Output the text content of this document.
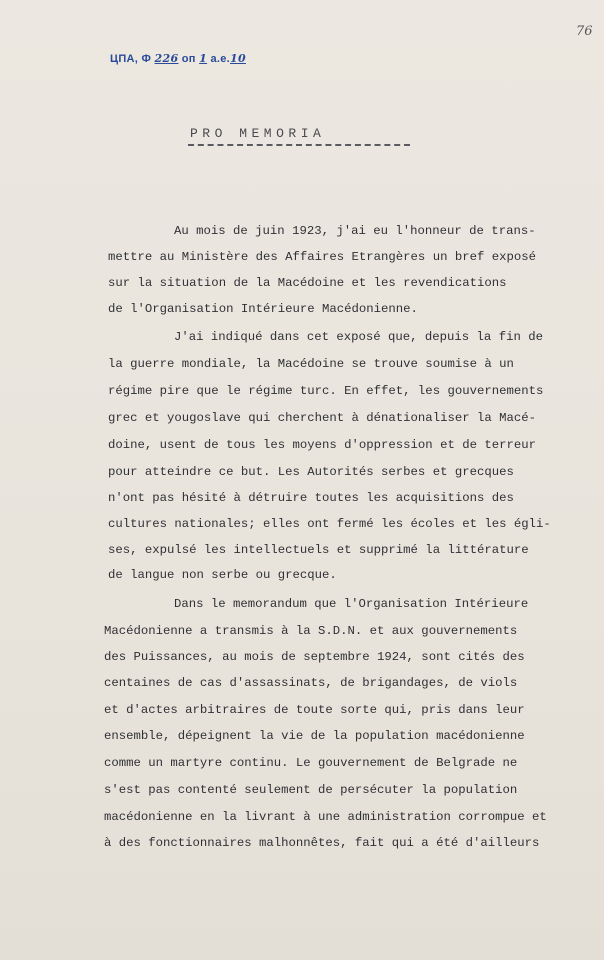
ЦПА, Ф 226 оп 1 а.е.10
76
PRO MEMORIA
Au mois de juin 1923, j'ai eu l'honneur de trans-
mettre au Ministère des Affaires Etrangères un bref exposé
sur la situation de la Macédoine et les revendications
de l'Organisation Intérieure Macédonienne.
J'ai indiqué dans cet exposé que, depuis la fin de
la guerre mondiale, la Macédoine se trouve soumise à un
régime pire que le régime turc. En effet, les gouvernements
grec et yougoslave qui cherchent à dénationaliser la Macé-
doine, usent de tous les moyens d'oppression et de terreur
pour atteindre ce but. Les Autorités serbes et grecques
n'ont pas hésité à détruire toutes les acquisitions des
cultures nationales; elles ont fermé les écoles et les égli-
ses, expulsé les intellectuels et supprimé la littérature
de langue non serbe ou grecque.
Dans le memorandum que l'Organisation Intérieure
Macédonienne a transmis à la S.D.N. et aux gouvernements
des Puissances, au mois de septembre 1924, sont cités des
centaines de cas d'assassinats, de brigandages, de viols
et d'actes arbitraires de toute sorte qui, pris dans leur
ensemble, dépeignent la vie de la population macédonienne
comme un martyre continu. Le gouvernement de Belgrade ne
s'est pas contenté seulement de persécuter la population
macédonienne en la livrant à une administration corrompue et
à des fonctionnaires malhonnêtes, fait qui a été d'ailleurs
